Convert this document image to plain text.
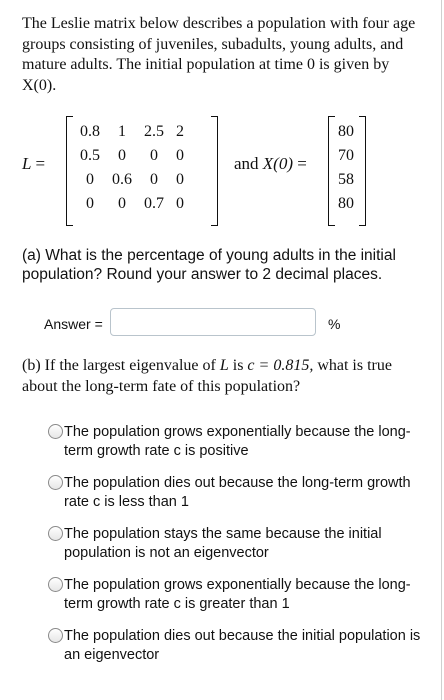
The Leslie matrix below describes a population with four age groups consisting of juveniles, subadults, young adults, and mature adults. The initial population at time 0 is given by X(0).

L =
0.8	1	2.5	2
0.5	0	0	0
0	0.6	0	0
0	0	0.7	0
and X(0) =
80
70
58
80
(a) What is the percentage of young adults in the initial population? Round your answer to 2 decimal places.
Answer =	%
(b) If the largest eigenvalue of L is c = 0.815, what is true about the long-term fate of this population?
The population grows exponentially because the long-term growth rate c is positive
The population dies out because the long-term growth rate c is less than 1
The population stays the same because the initial population is not an eigenvector
The population grows exponentially because the long-term growth rate c is greater than 1
The population dies out because the initial population is an eigenvector
